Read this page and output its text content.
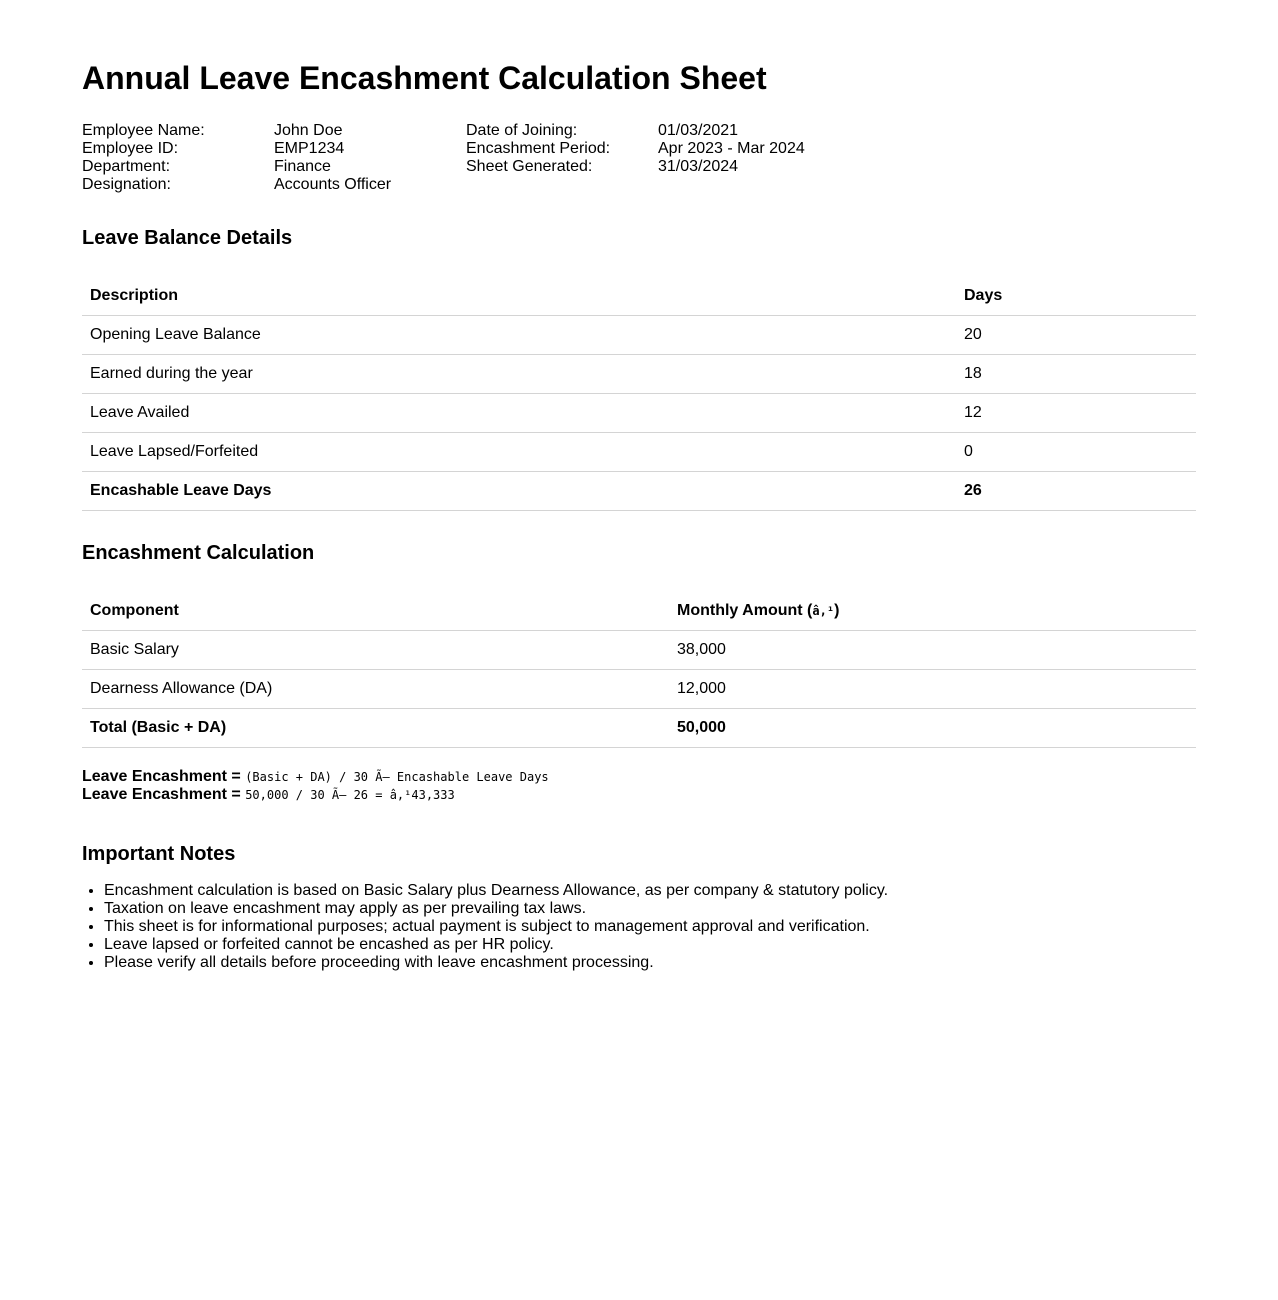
Annual Leave Encashment Calculation Sheet
Employee Name:	John Doe	Date of Joining:	01/03/2021
Employee ID:	EMP1234	Encashment Period:	Apr 2023 - Mar 2024
Department:	Finance	Sheet Generated:	31/03/2024
Designation:	Accounts Officer
Leave Balance Details
Description	Days
Opening Leave Balance	20
Earned during the year	18
Leave Availed	12
Leave Lapsed/Forfeited	0
Encashable Leave Days	26
Encashment Calculation
Component	Monthly Amount (â‚¹)
Basic Salary	38,000
Dearness Allowance (DA)	12,000
Total (Basic + DA)	50,000
Leave Encashment = (Basic + DA) / 30 Ã— Encashable Leave Days
Leave Encashment = 50,000 / 30 Ã— 26 = â‚¹43,333
Important Notes
• Encashment calculation is based on Basic Salary plus Dearness Allowance, as per company & statutory policy.
• Taxation on leave encashment may apply as per prevailing tax laws.
• This sheet is for informational purposes; actual payment is subject to management approval and verification.
• Leave lapsed or forfeited cannot be encashed as per HR policy.
• Please verify all details before proceeding with leave encashment processing.
